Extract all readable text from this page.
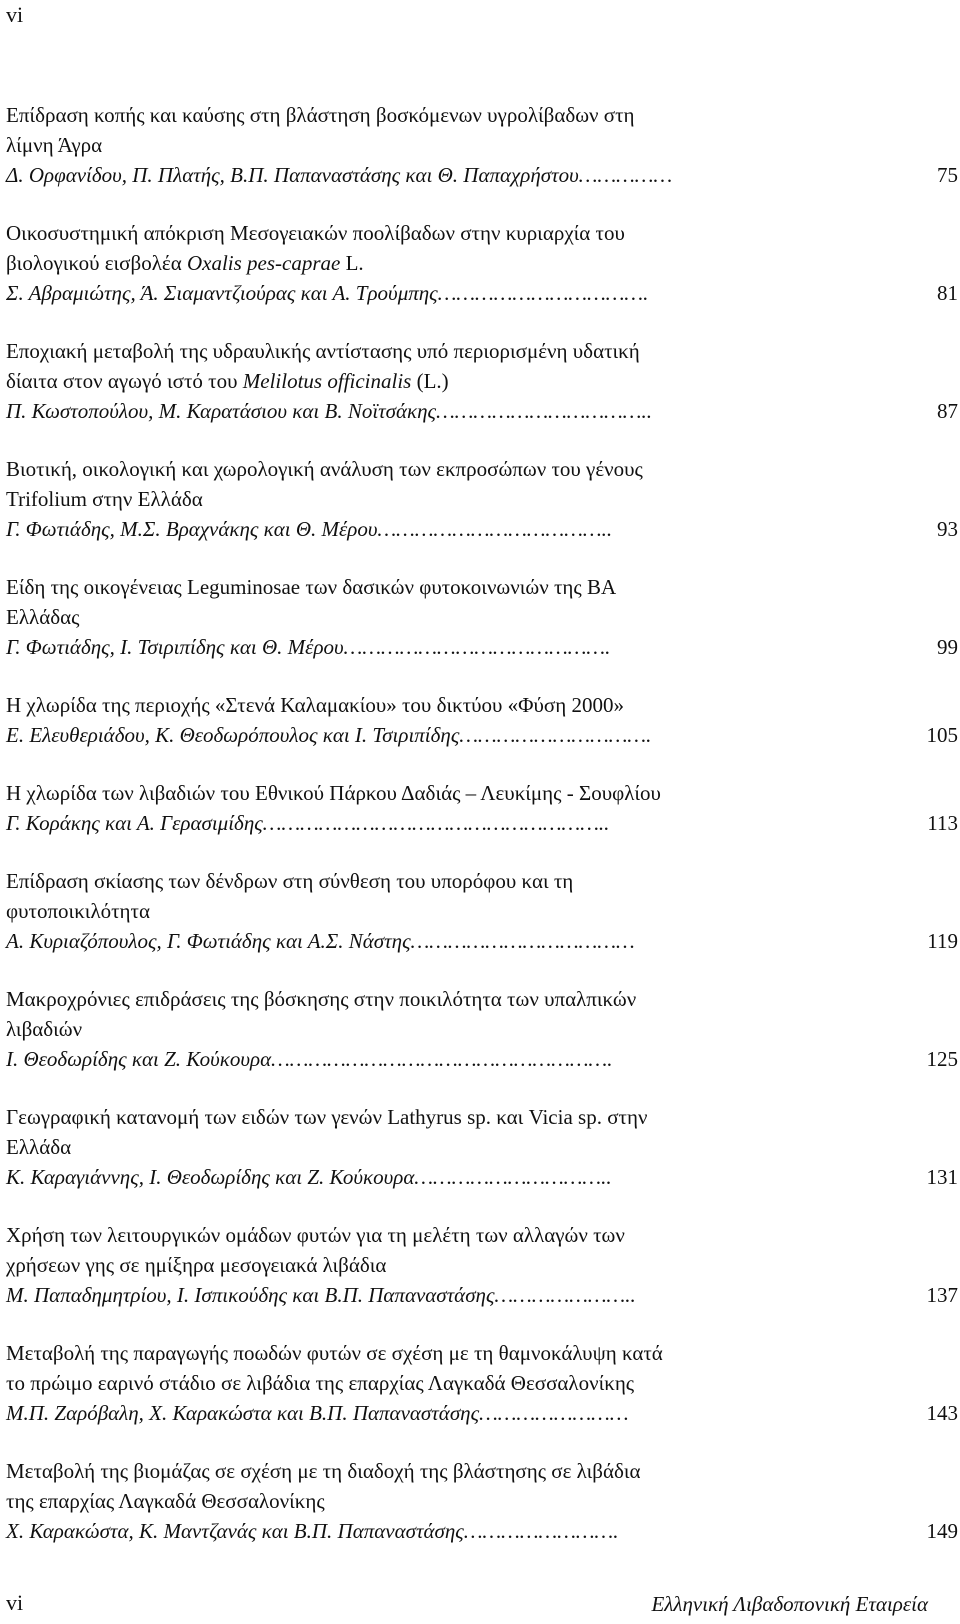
vi
Επίδραση κοπής και καύσης στη βλάστηση βοσκόμενων υγρολίβαδων στη
λίμνη Άγρα
Δ. Ορφανίδου, Π. Πλατής, Β.Π. Παπαναστάσης και Θ. Παπαχρήστου……………	75
Οικοσυστημική απόκριση Μεσογειακών ποολίβαδων στην κυριαρχία του
βιολογικού εισβολέα Oxalis pes-caprae L.
Σ. Αβραμιώτης, Ά. Σιαμαντζιούρας και Α. Τρούμπης…………………………….	81
Εποχιακή μεταβολή της υδραυλικής αντίστασης υπό περιορισμένη υδατική
δίαιτα στον αγωγό ιστό του Melilotus officinalis (L.)
Π. Κωστοπούλου, Μ. Καρατάσιου και Β. Νοϊτσάκης……………………………..	87
Βιοτική, οικολογική και χωρολογική ανάλυση των εκπροσώπων του γένους
Trifolium στην Ελλάδα
Γ. Φωτιάδης, Μ.Σ. Βραχνάκης και Θ. Μέρου………………………………..	93
Είδη της οικογένειας Leguminosae των δασικών φυτοκοινωνιών της ΒΑ
Ελλάδας
Γ. Φωτιάδης, Ι. Τσιριπίδης και Θ. Μέρου…………………………………….	99
Η χλωρίδα της περιοχής «Στενά Καλαμακίου» του δικτύου «Φύση 2000»
Ε. Ελευθεριάδου, Κ. Θεοδωρόπουλος και Ι. Τσιριπίδης………………………….	105
Η χλωρίδα των λιβαδιών του Εθνικού Πάρκου Δαδιάς – Λευκίμης - Σουφλίου
Γ. Κοράκης και Α. Γερασιμίδης………………………………………………..	113
Επίδραση σκίασης των δένδρων στη σύνθεση του υπορόφου και τη
φυτοποικιλότητα
Α. Κυριαζόπουλος, Γ. Φωτιάδης και Α.Σ. Νάστης………………………………	119
Μακροχρόνιες επιδράσεις της βόσκησης στην ποικιλότητα των υπαλπικών
λιβαδιών
Ι. Θεοδωρίδης και Ζ. Κούκουρα……………………………………………….	125
Γεωγραφική κατανομή των ειδών των γενών Lathyrus sp. και Vicia sp. στην
Ελλάδα
Κ. Καραγιάννης, Ι. Θεοδωρίδης και Ζ. Κούκουρα…………………………..	131
Χρήση των λειτουργικών ομάδων φυτών για τη μελέτη των αλλαγών των
χρήσεων γης σε ημίξηρα μεσογειακά λιβάδια
Μ. Παπαδημητρίου, Ι. Ισπικούδης και Β.Π. Παπαναστάσης…………………..	137
Μεταβολή της παραγωγής ποωδών φυτών σε σχέση με τη θαμνοκάλυψη κατά
το πρώιμο εαρινό στάδιο σε λιβάδια της επαρχίας Λαγκαδά Θεσσαλονίκης
Μ.Π. Ζαρόβαλη, Χ. Καρακώστα και Β.Π. Παπαναστάσης……………………	143
Μεταβολή της βιομάζας σε σχέση με τη διαδοχή της βλάστησης σε λιβάδια
της επαρχίας Λαγκαδά Θεσσαλονίκης
Χ. Καρακώστα, Κ. Μαντζανάς και Β.Π. Παπαναστάσης…………………….	149
vi	Ελληνική Λιβαδοπονική Εταιρεία
